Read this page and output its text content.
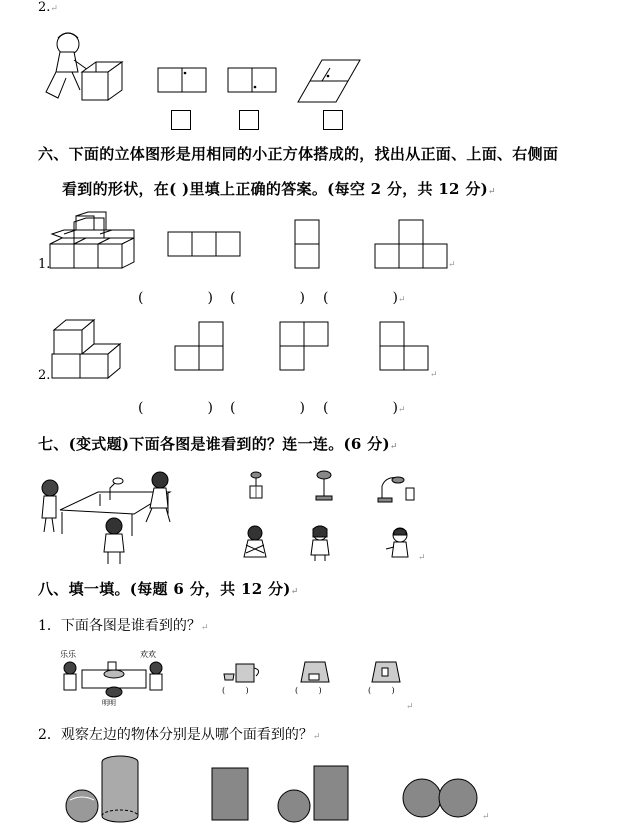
2.↵
六、下面的立体图形是用相同的小正方体搭成的，找出从正面、上面、右侧面
看到的形状，在( )里填上正确的答案。(每空 2 分，共 12 分)↵
1.	↵
(	) (	) (	)↵
2.	↵
(	) (	) (	)↵
七、(变式题)下面各图是谁看到的？连一连。(6 分)↵
↵
八、填一填。(每题 6 分，共 12 分)↵
1．下面各图是谁看到的？↵
乐乐	欢欢
明明
(        )	(        )	(        )
↵
2．观察左边的物体分别是从哪个面看到的？↵
↵
